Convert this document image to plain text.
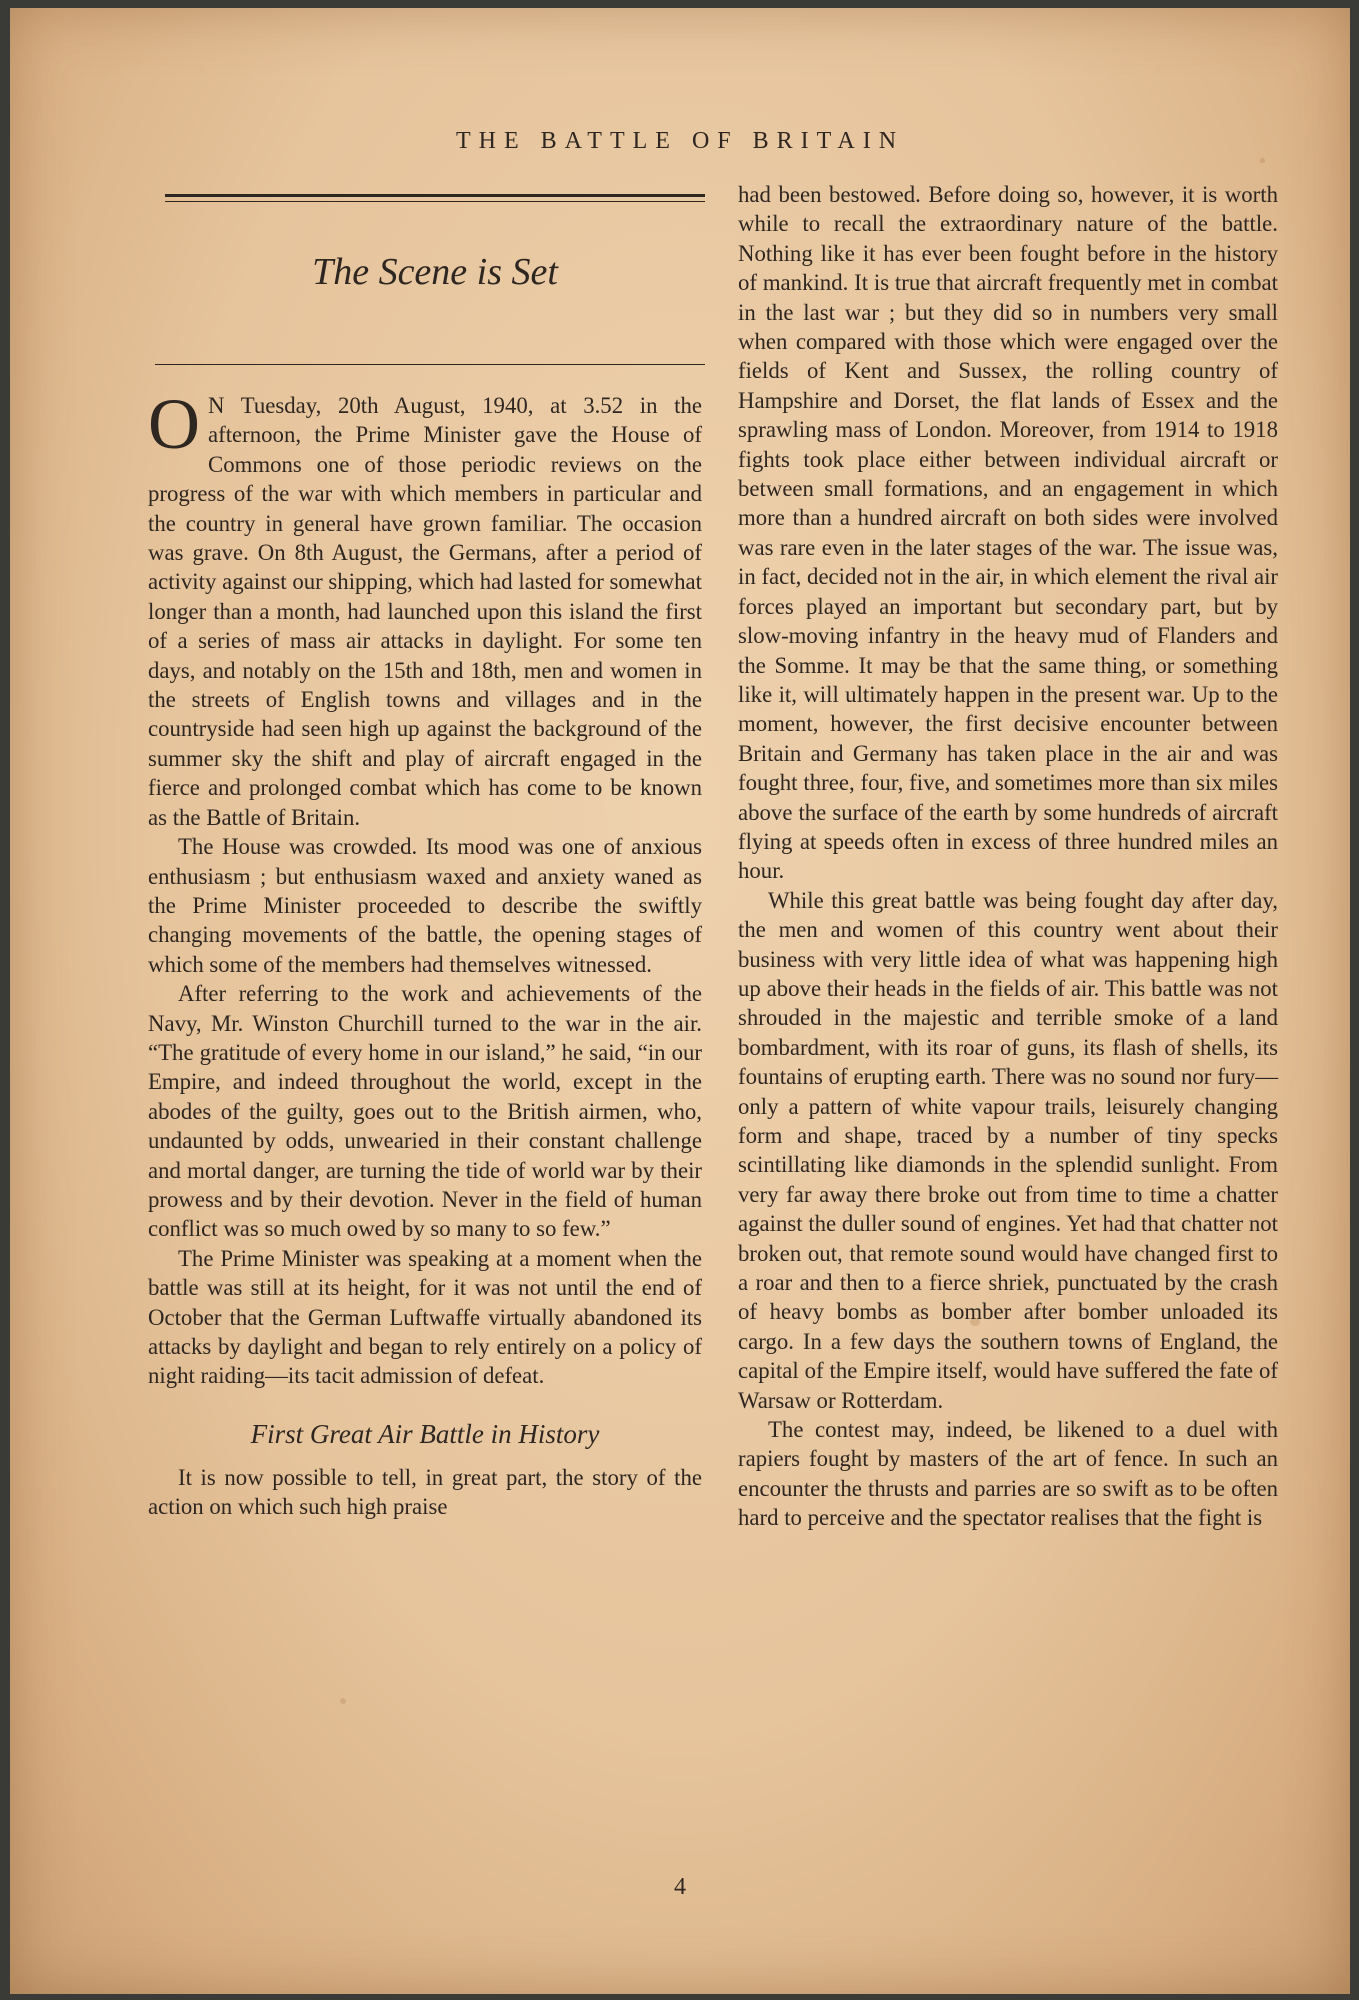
THE BATTLE OF BRITAIN
The Scene is Set

O N Tuesday, 20th August, 1940, at 3.52 in the afternoon, the Prime Minister gave the House of Commons one of those periodic reviews on the progress of the war with which members in particular and the country in general have grown familiar. The occasion was grave. On 8th August, the Germans, after a period of activity against our shipping, which had lasted for somewhat longer than a month, had launched upon this island the first of a series of mass air attacks in daylight. For some ten days, and notably on the 15th and 18th, men and women in the streets of English towns and villages and in the countryside had seen high up against the background of the summer sky the shift and play of aircraft engaged in the fierce and prolonged combat which has come to be known as the Battle of Britain.

The House was crowded. Its mood was one of anxious enthusiasm ; but enthusiasm waxed and anxiety waned as the Prime Minister proceeded to describe the swiftly changing movements of the battle, the opening stages of which some of the members had themselves witnessed.

After referring to the work and achievements of the Navy, Mr. Winston Churchill turned to the war in the air. “The gratitude of every home in our island,” he said, “in our Empire, and indeed throughout the world, except in the abodes of the guilty, goes out to the British airmen, who, undaunted by odds, unwearied in their constant challenge and mortal danger, are turning the tide of world war by their prowess and by their devotion. Never in the field of human conflict was so much owed by so many to so few.”

The Prime Minister was speaking at a moment when the battle was still at its height, for it was not until the end of October that the German Luftwaffe virtually abandoned its attacks by daylight and began to rely entirely on a policy of night raiding—its tacit admission of defeat.

First Great Air Battle in History

It is now possible to tell, in great part, the story of the action on which such high praise

had been bestowed. Before doing so, however, it is worth while to recall the extraordinary nature of the battle. Nothing like it has ever been fought before in the history of mankind. It is true that aircraft frequently met in combat in the last war ; but they did so in numbers very small when compared with those which were engaged over the fields of Kent and Sussex, the rolling country of Hampshire and Dorset, the flat lands of Essex and the sprawling mass of London. Moreover, from 1914 to 1918 fights took place either between individual aircraft or between small formations, and an engagement in which more than a hundred aircraft on both sides were involved was rare even in the later stages of the war. The issue was, in fact, decided not in the air, in which element the rival air forces played an important but secondary part, but by slow-moving infantry in the heavy mud of Flanders and the Somme. It may be that the same thing, or something like it, will ultimately happen in the present war. Up to the moment, however, the first decisive encounter between Britain and Germany has taken place in the air and was fought three, four, five, and sometimes more than six miles above the surface of the earth by some hundreds of aircraft flying at speeds often in excess of three hundred miles an hour.

While this great battle was being fought day after day, the men and women of this country went about their business with very little idea of what was happening high up above their heads in the fields of air. This battle was not shrouded in the majestic and terrible smoke of a land bombardment, with its roar of guns, its flash of shells, its fountains of erupting earth. There was no sound nor fury—only a pattern of white vapour trails, leisurely changing form and shape, traced by a number of tiny specks scintillating like diamonds in the splendid sunlight. From very far away there broke out from time to time a chatter against the duller sound of engines. Yet had that chatter not broken out, that remote sound would have changed first to a roar and then to a fierce shriek, punctuated by the crash of heavy bombs as bomber after bomber unloaded its cargo. In a few days the southern towns of England, the capital of the Empire itself, would have suffered the fate of Warsaw or Rotterdam.

The contest may, indeed, be likened to a duel with rapiers fought by masters of the art of fence. In such an encounter the thrusts and parries are so swift as to be often hard to perceive and the spectator realises that the fight is

4
